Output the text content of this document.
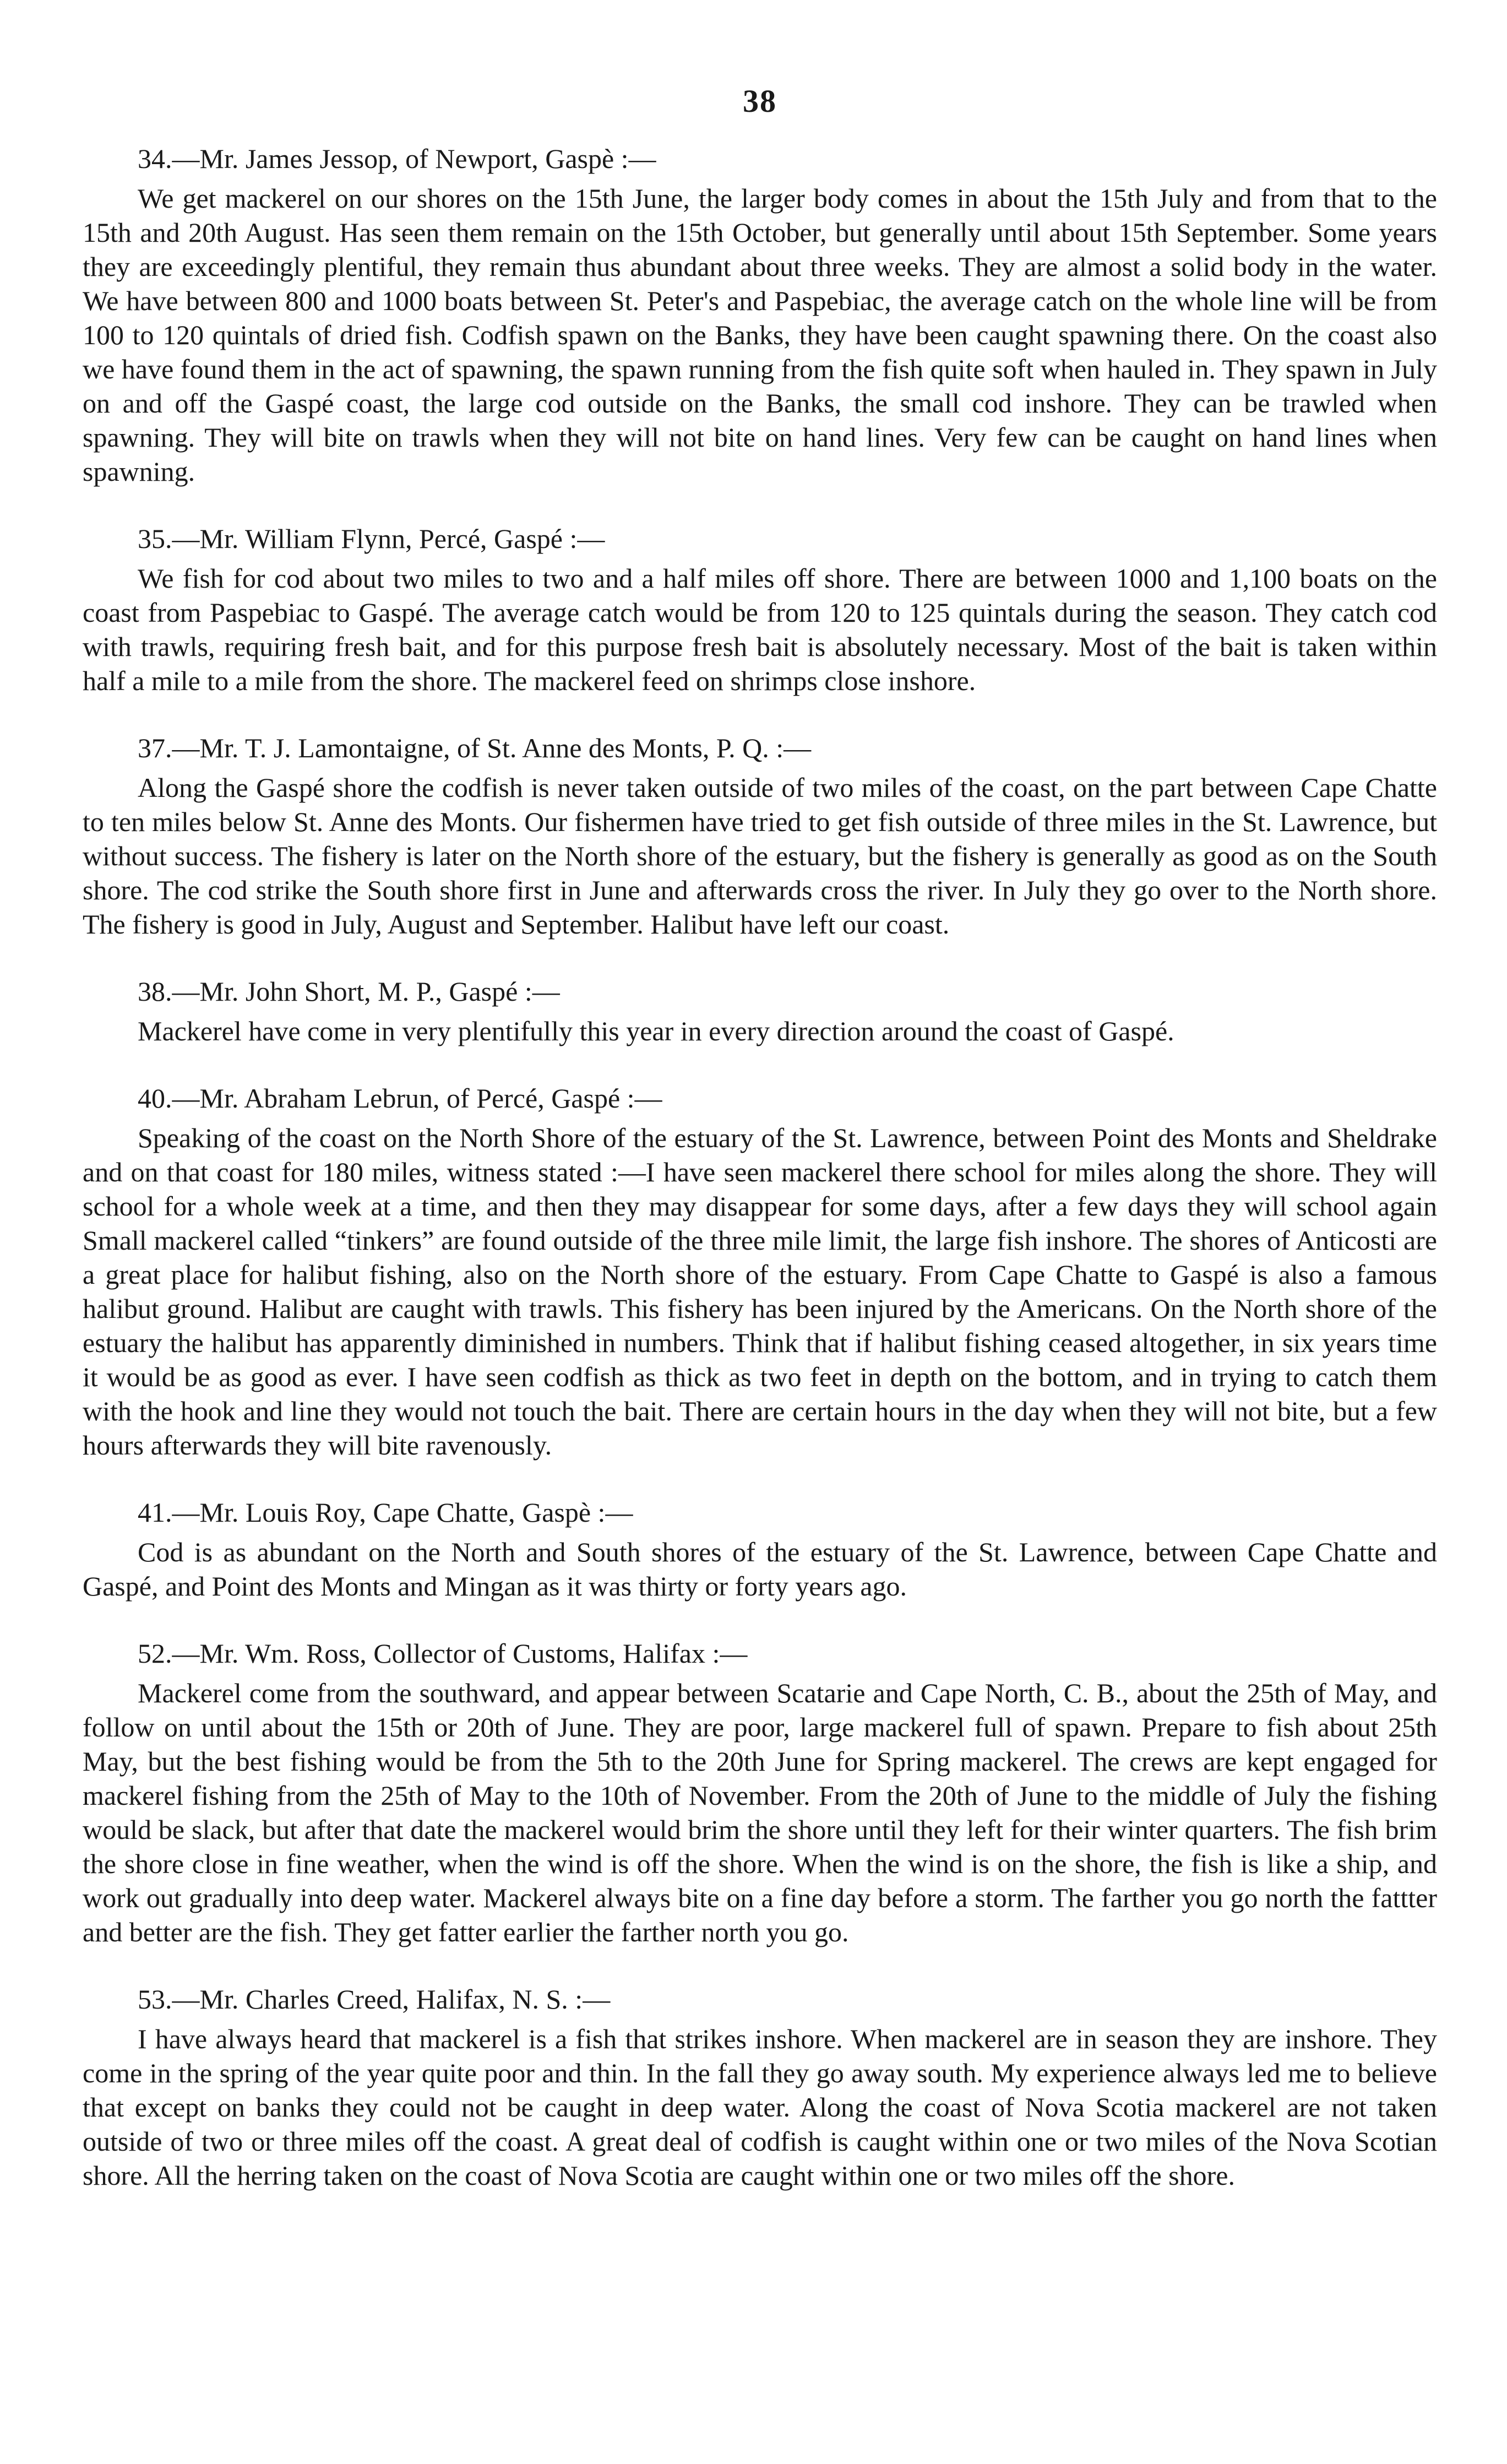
38

34.—Mr. James Jessop, of Newport, Gaspè :—

We get mackerel on our shores on the 15th June, the larger body comes in about the 15th July and from that to the 15th and 20th August. Has seen them remain on the 15th October, but generally until about 15th September. Some years they are exceedingly plentiful, they remain thus abundant about three weeks. They are almost a solid body in the water. We have between 800 and 1000 boats between St. Peter's and Paspebiac, the average catch on the whole line will be from 100 to 120 quintals of dried fish. Codfish spawn on the Banks, they have been caught spawning there. On the coast also we have found them in the act of spawning, the spawn running from the fish quite soft when hauled in. They spawn in July on and off the Gaspé coast, the large cod outside on the Banks, the small cod inshore. They can be trawled when spawning. They will bite on trawls when they will not bite on hand lines. Very few can be caught on hand lines when spawning.

35.—Mr. William Flynn, Percé, Gaspé :—

We fish for cod about two miles to two and a half miles off shore. There are between 1000 and 1,100 boats on the coast from Paspebiac to Gaspé. The average catch would be from 120 to 125 quintals during the season. They catch cod with trawls, requiring fresh bait, and for this purpose fresh bait is absolutely necessary. Most of the bait is taken within half a mile to a mile from the shore. The mackerel feed on shrimps close inshore.

37.—Mr. T. J. Lamontaigne, of St. Anne des Monts, P. Q. :—

Along the Gaspé shore the codfish is never taken outside of two miles of the coast, on the part between Cape Chatte to ten miles below St. Anne des Monts. Our fishermen have tried to get fish outside of three miles in the St. Lawrence, but without success. The fishery is later on the North shore of the estuary, but the fishery is generally as good as on the South shore. The cod strike the South shore first in June and afterwards cross the river. In July they go over to the North shore. The fishery is good in July, August and September. Halibut have left our coast.

38.—Mr. John Short, M. P., Gaspé :—

Mackerel have come in very plentifully this year in every direction around the coast of Gaspé.

40.—Mr. Abraham Lebrun, of Percé, Gaspé :—

Speaking of the coast on the North Shore of the estuary of the St. Lawrence, between Point des Monts and Sheldrake and on that coast for 180 miles, witness stated :—I have seen mackerel there school for miles along the shore. They will school for a whole week at a time, and then they may disappear for some days, after a few days they will school again Small mackerel called “tinkers” are found outside of the three mile limit, the large fish inshore. The shores of Anticosti are a great place for halibut fishing, also on the North shore of the estuary. From Cape Chatte to Gaspé is also a famous halibut ground. Halibut are caught with trawls. This fishery has been injured by the Americans. On the North shore of the estuary the halibut has apparently diminished in numbers. Think that if halibut fishing ceased altogether, in six years time it would be as good as ever. I have seen codfish as thick as two feet in depth on the bottom, and in trying to catch them with the hook and line they would not touch the bait. There are certain hours in the day when they will not bite, but a few hours afterwards they will bite ravenously.

41.—Mr. Louis Roy, Cape Chatte, Gaspè :—

Cod is as abundant on the North and South shores of the estuary of the St. Lawrence, between Cape Chatte and Gaspé, and Point des Monts and Mingan as it was thirty or forty years ago.

52.—Mr. Wm. Ross, Collector of Customs, Halifax :—

Mackerel come from the southward, and appear between Scatarie and Cape North, C. B., about the 25th of May, and follow on until about the 15th or 20th of June. They are poor, large mackerel full of spawn. Prepare to fish about 25th May, but the best fishing would be from the 5th to the 20th June for Spring mackerel. The crews are kept engaged for mackerel fishing from the 25th of May to the 10th of November. From the 20th of June to the middle of July the fishing would be slack, but after that date the mackerel would brim the shore until they left for their winter quarters. The fish brim the shore close in fine weather, when the wind is off the shore. When the wind is on the shore, the fish is like a ship, and work out gradually into deep water. Mackerel always bite on a fine day before a storm. The farther you go north the fattter and better are the fish. They get fatter earlier the farther north you go.

53.—Mr. Charles Creed, Halifax, N. S. :—

I have always heard that mackerel is a fish that strikes inshore. When mackerel are in season they are inshore. They come in the spring of the year quite poor and thin. In the fall they go away south. My experience always led me to believe that except on banks they could not be caught in deep water. Along the coast of Nova Scotia mackerel are not taken outside of two or three miles off the coast. A great deal of codfish is caught within one or two miles of the Nova Scotian shore. All the herring taken on the coast of Nova Scotia are caught within one or two miles off the shore.
